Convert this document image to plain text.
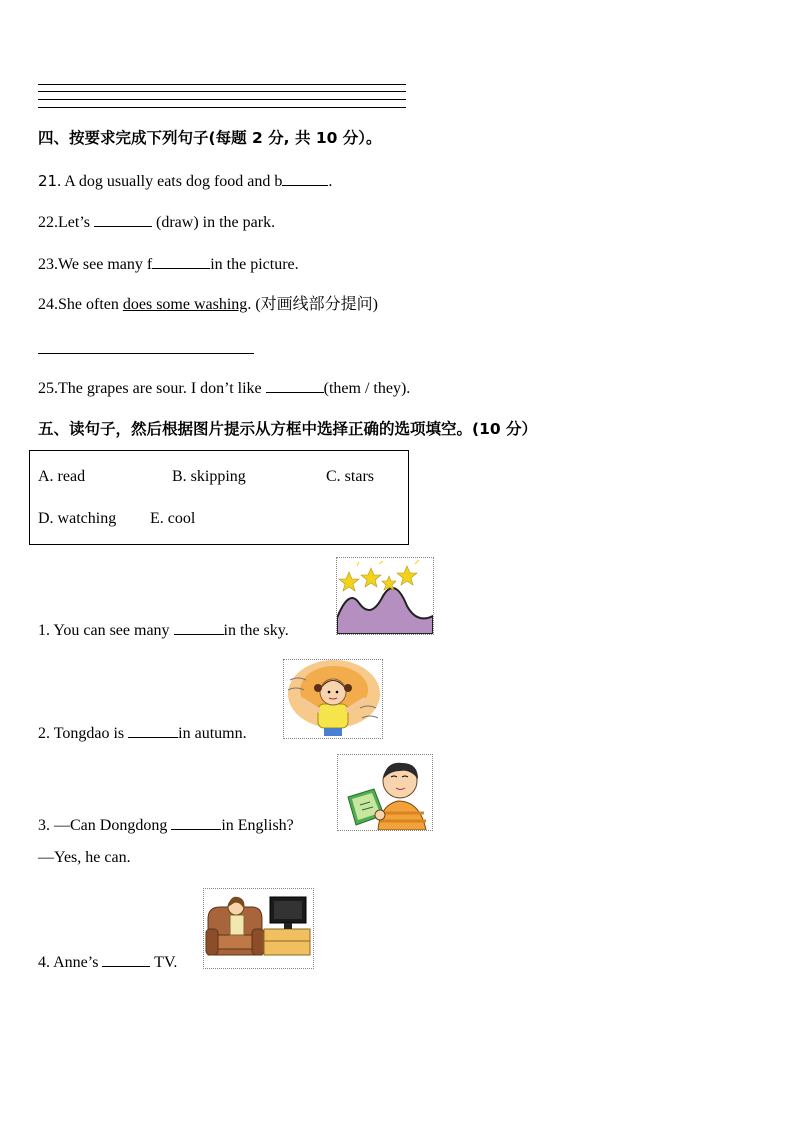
四、按要求完成下列句子(每题 2 分, 共 10 分）。
21. A dog usually eats dog food and b	.
22.Let’s	(draw) in the park.
23.We see many f	in the picture.
24.She often does some washing. (对画线部分提问)
25.The grapes are sour. I don’t like	(them / they).
五、读句子，然后根据图片提示从方框中选择正确的选项填空。(10 分）
A. read	B. skipping	C. stars
D. watching E. cool
1. You can see many	in the sky.
2. Tongdao is	in autumn.
3. —Can Dongdong	in English?
—Yes, he can.
4. Anne’s	TV.
